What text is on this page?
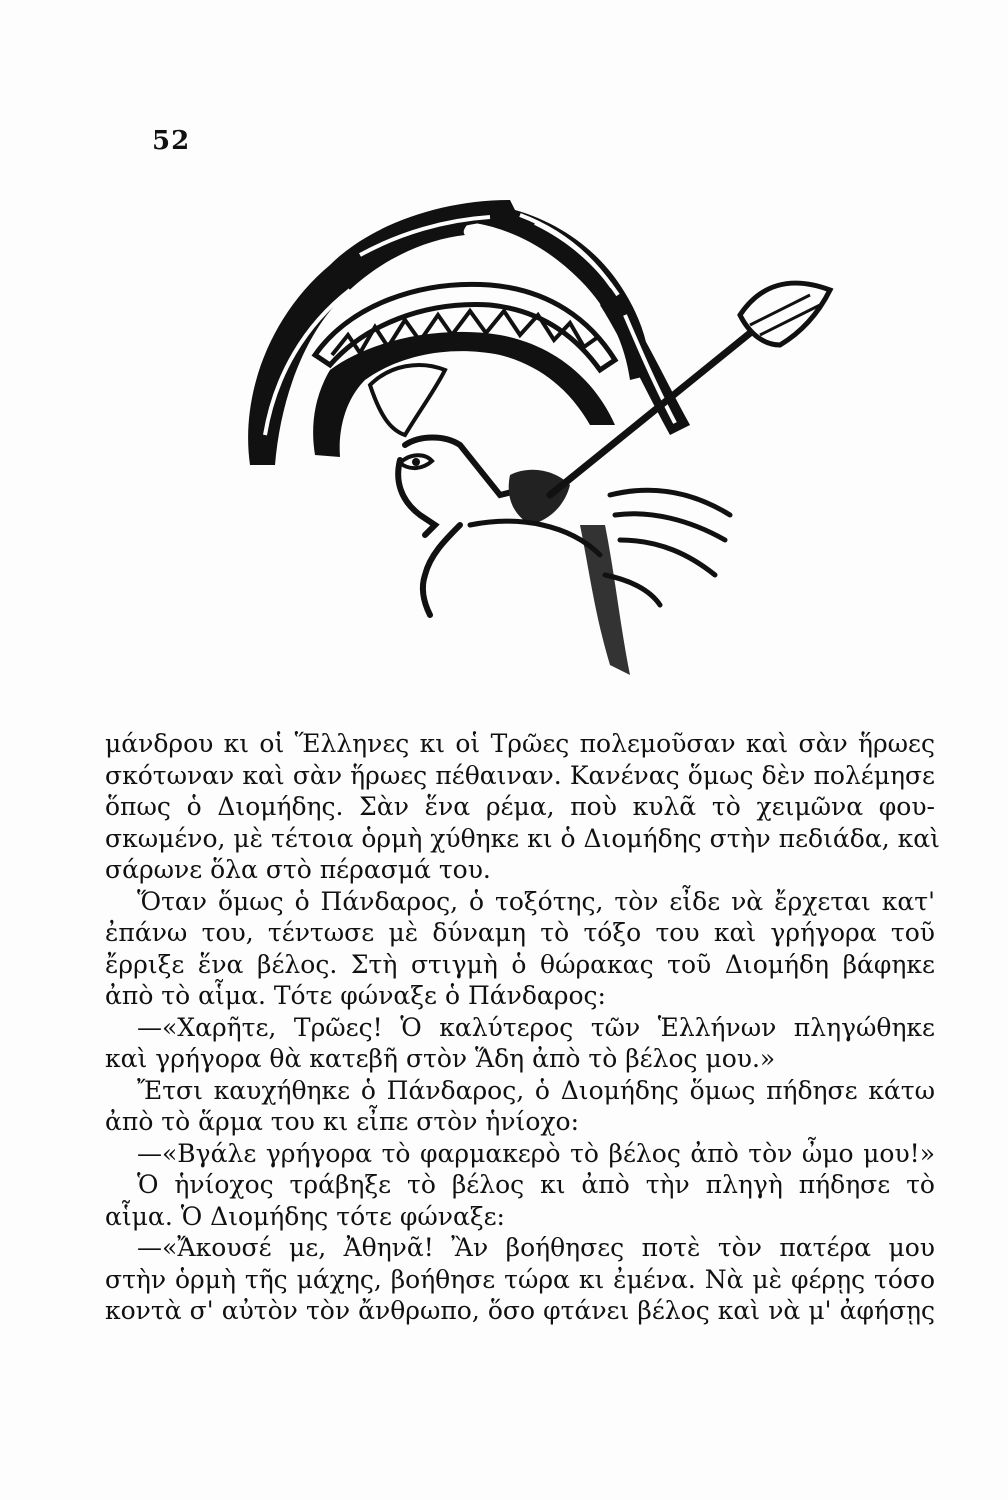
52
μάνδρου κι οἱ Ἕλληνες κι οἱ Τρῶες πολεμοῦσαν καὶ σὰν ἥρωες
σκότωναν καὶ σὰν ἥρωες πέθαιναν. Κανένας ὅμως δὲν πολέμησε
ὅπως ὁ Διομήδης. Σὰν ἕνα ρέμα, ποὺ κυλᾶ τὸ χειμῶνα φου-
σκωμένο, μὲ τέτοια ὁρμὴ χύθηκε κι ὁ Διομήδης στὴν πεδιάδα, καὶ
σάρωνε ὅλα στὸ πέρασμά του.
Ὅταν ὅμως ὁ Πάνδαρος, ὁ τοξότης, τὸν εἶδε νὰ ἔρχεται κατ'
ἐπάνω του, τέντωσε μὲ δύναμη τὸ τόξο του καὶ γρήγορα τοῦ
ἔρριξε ἕνα βέλος. Στὴ στιγμὴ ὁ θώρακας τοῦ Διομήδη βάφηκε
ἀπὸ τὸ αἷμα. Τότε φώναξε ὁ Πάνδαρος:
—«Χαρῆτε, Τρῶες! Ὁ καλύτερος τῶν Ἑλλήνων πληγώθηκε
καὶ γρήγορα θὰ κατεβῆ στὸν Ἅδη ἀπὸ τὸ βέλος μου.»
Ἔτσι καυχήθηκε ὁ Πάνδαρος, ὁ Διομήδης ὅμως πήδησε κάτω
ἀπὸ τὸ ἅρμα του κι εἶπε στὸν ἡνίοχο:
—«Βγάλε γρήγορα τὸ φαρμακερὸ τὸ βέλος ἀπὸ τὸν ὦμο μου!»
Ὁ ἡνίοχος τράβηξε τὸ βέλος κι ἀπὸ τὴν πληγὴ πήδησε τὸ
αἷμα. Ὁ Διομήδης τότε φώναξε:
—«Ἄκουσέ με, Ἀθηνᾶ! Ἂν βοήθησες ποτὲ τὸν πατέρα μου
στὴν ὁρμὴ τῆς μάχης, βοήθησε τώρα κι ἐμένα. Νὰ μὲ φέρῃς τόσο
κοντὰ σ' αὐτὸν τὸν ἄνθρωπο, ὅσο φτάνει βέλος καὶ νὰ μ' ἀφήσῃς
